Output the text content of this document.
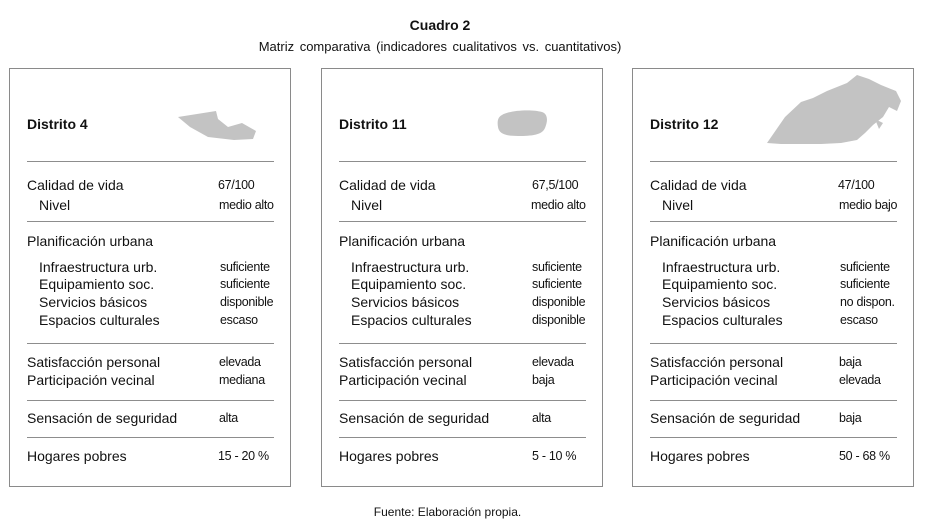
Cuadro 2
Matriz comparativa (indicadores cualitativos vs. cuantitativos)
Distrito 4
Calidad de vida	67/100
Nivel	medio alto
Planificación urbana
Infraestructura urb.	suficiente
Equipamiento soc.	suficiente
Servicios básicos	disponible
Espacios culturales	escaso
Satisfacción personal	elevada
Participación vecinal	mediana
Sensación de seguridad	alta
Hogares pobres	15 - 20 %
Distrito 11
Calidad de vida	67,5/100
Nivel	medio alto
Planificación urbana
Infraestructura urb.	suficiente
Equipamiento soc.	suficiente
Servicios básicos	disponible
Espacios culturales	disponible
Satisfacción personal	elevada
Participación vecinal	baja
Sensación de seguridad	alta
Hogares pobres	5 - 10 %
Distrito 12
Calidad de vida	47/100
Nivel	medio bajo
Planificación urbana
Infraestructura urb.	suficiente
Equipamiento soc.	suficiente
Servicios básicos	no dispon.
Espacios culturales	escaso
Satisfacción personal	baja
Participación vecinal	elevada
Sensación de seguridad	baja
Hogares pobres	50 - 68 %
Fuente: Elaboración propia.
